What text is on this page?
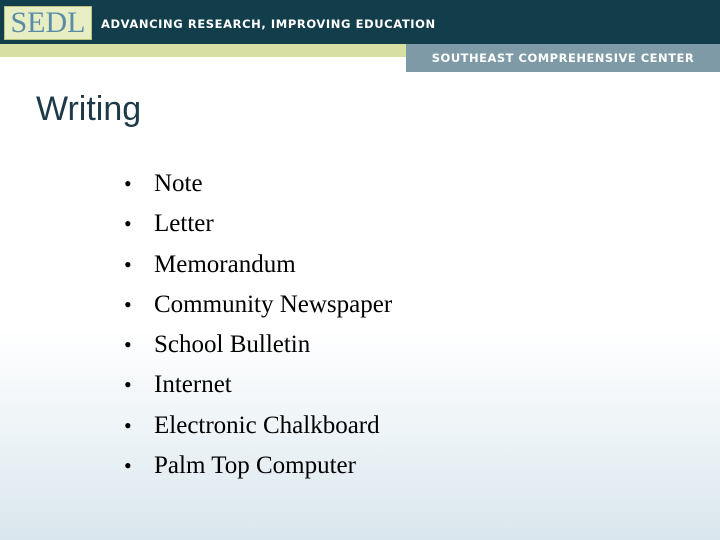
SEDL	ADVANCING RESEARCH, IMPROVING EDUCATION
SOUTHEAST COMPREHENSIVE CENTER
Writing
• Note
• Letter
• Memorandum
• Community Newspaper
• School Bulletin
• Internet
• Electronic Chalkboard
• Palm Top Computer
